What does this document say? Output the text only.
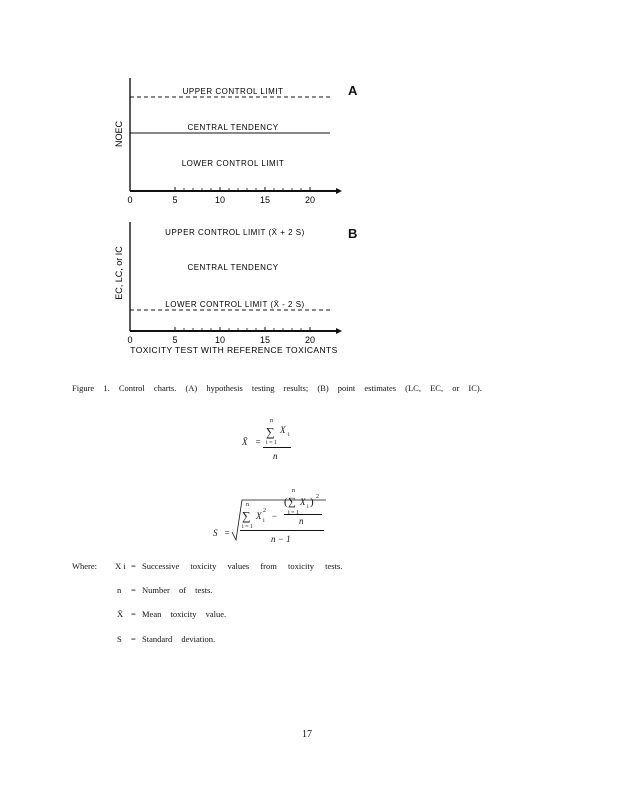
0	5	10	15	20
NOEC
UPPER CONTROL LIMIT
CENTRAL TENDENCY
LOWER CONTROL LIMIT
0	5	10	15	20
EC, LC, or IC
LOWER CONTROL LIMIT (X̄ - 2 S)
UPPER CONTROL LIMIT (X̄ + 2 S)
CENTRAL TENDENCY
TOXICITY TEST WITH REFERENCE TOXICANTS
A
B
Figure 1. Control charts. (A) hypothesis testing results; (B) point estimates (LC, EC, or IC).
X̄ =
n
∑
i = 1
X i
n
S =
n
∑
i = 1
X i
2 −
(
n
∑
i = 1
X i ) 2
n
n − 1
Where: X i = Successive toxicity values from toxicity tests.
n = Number of tests.
X̄ = Mean toxicity value.
S = Standard deviation.
17
